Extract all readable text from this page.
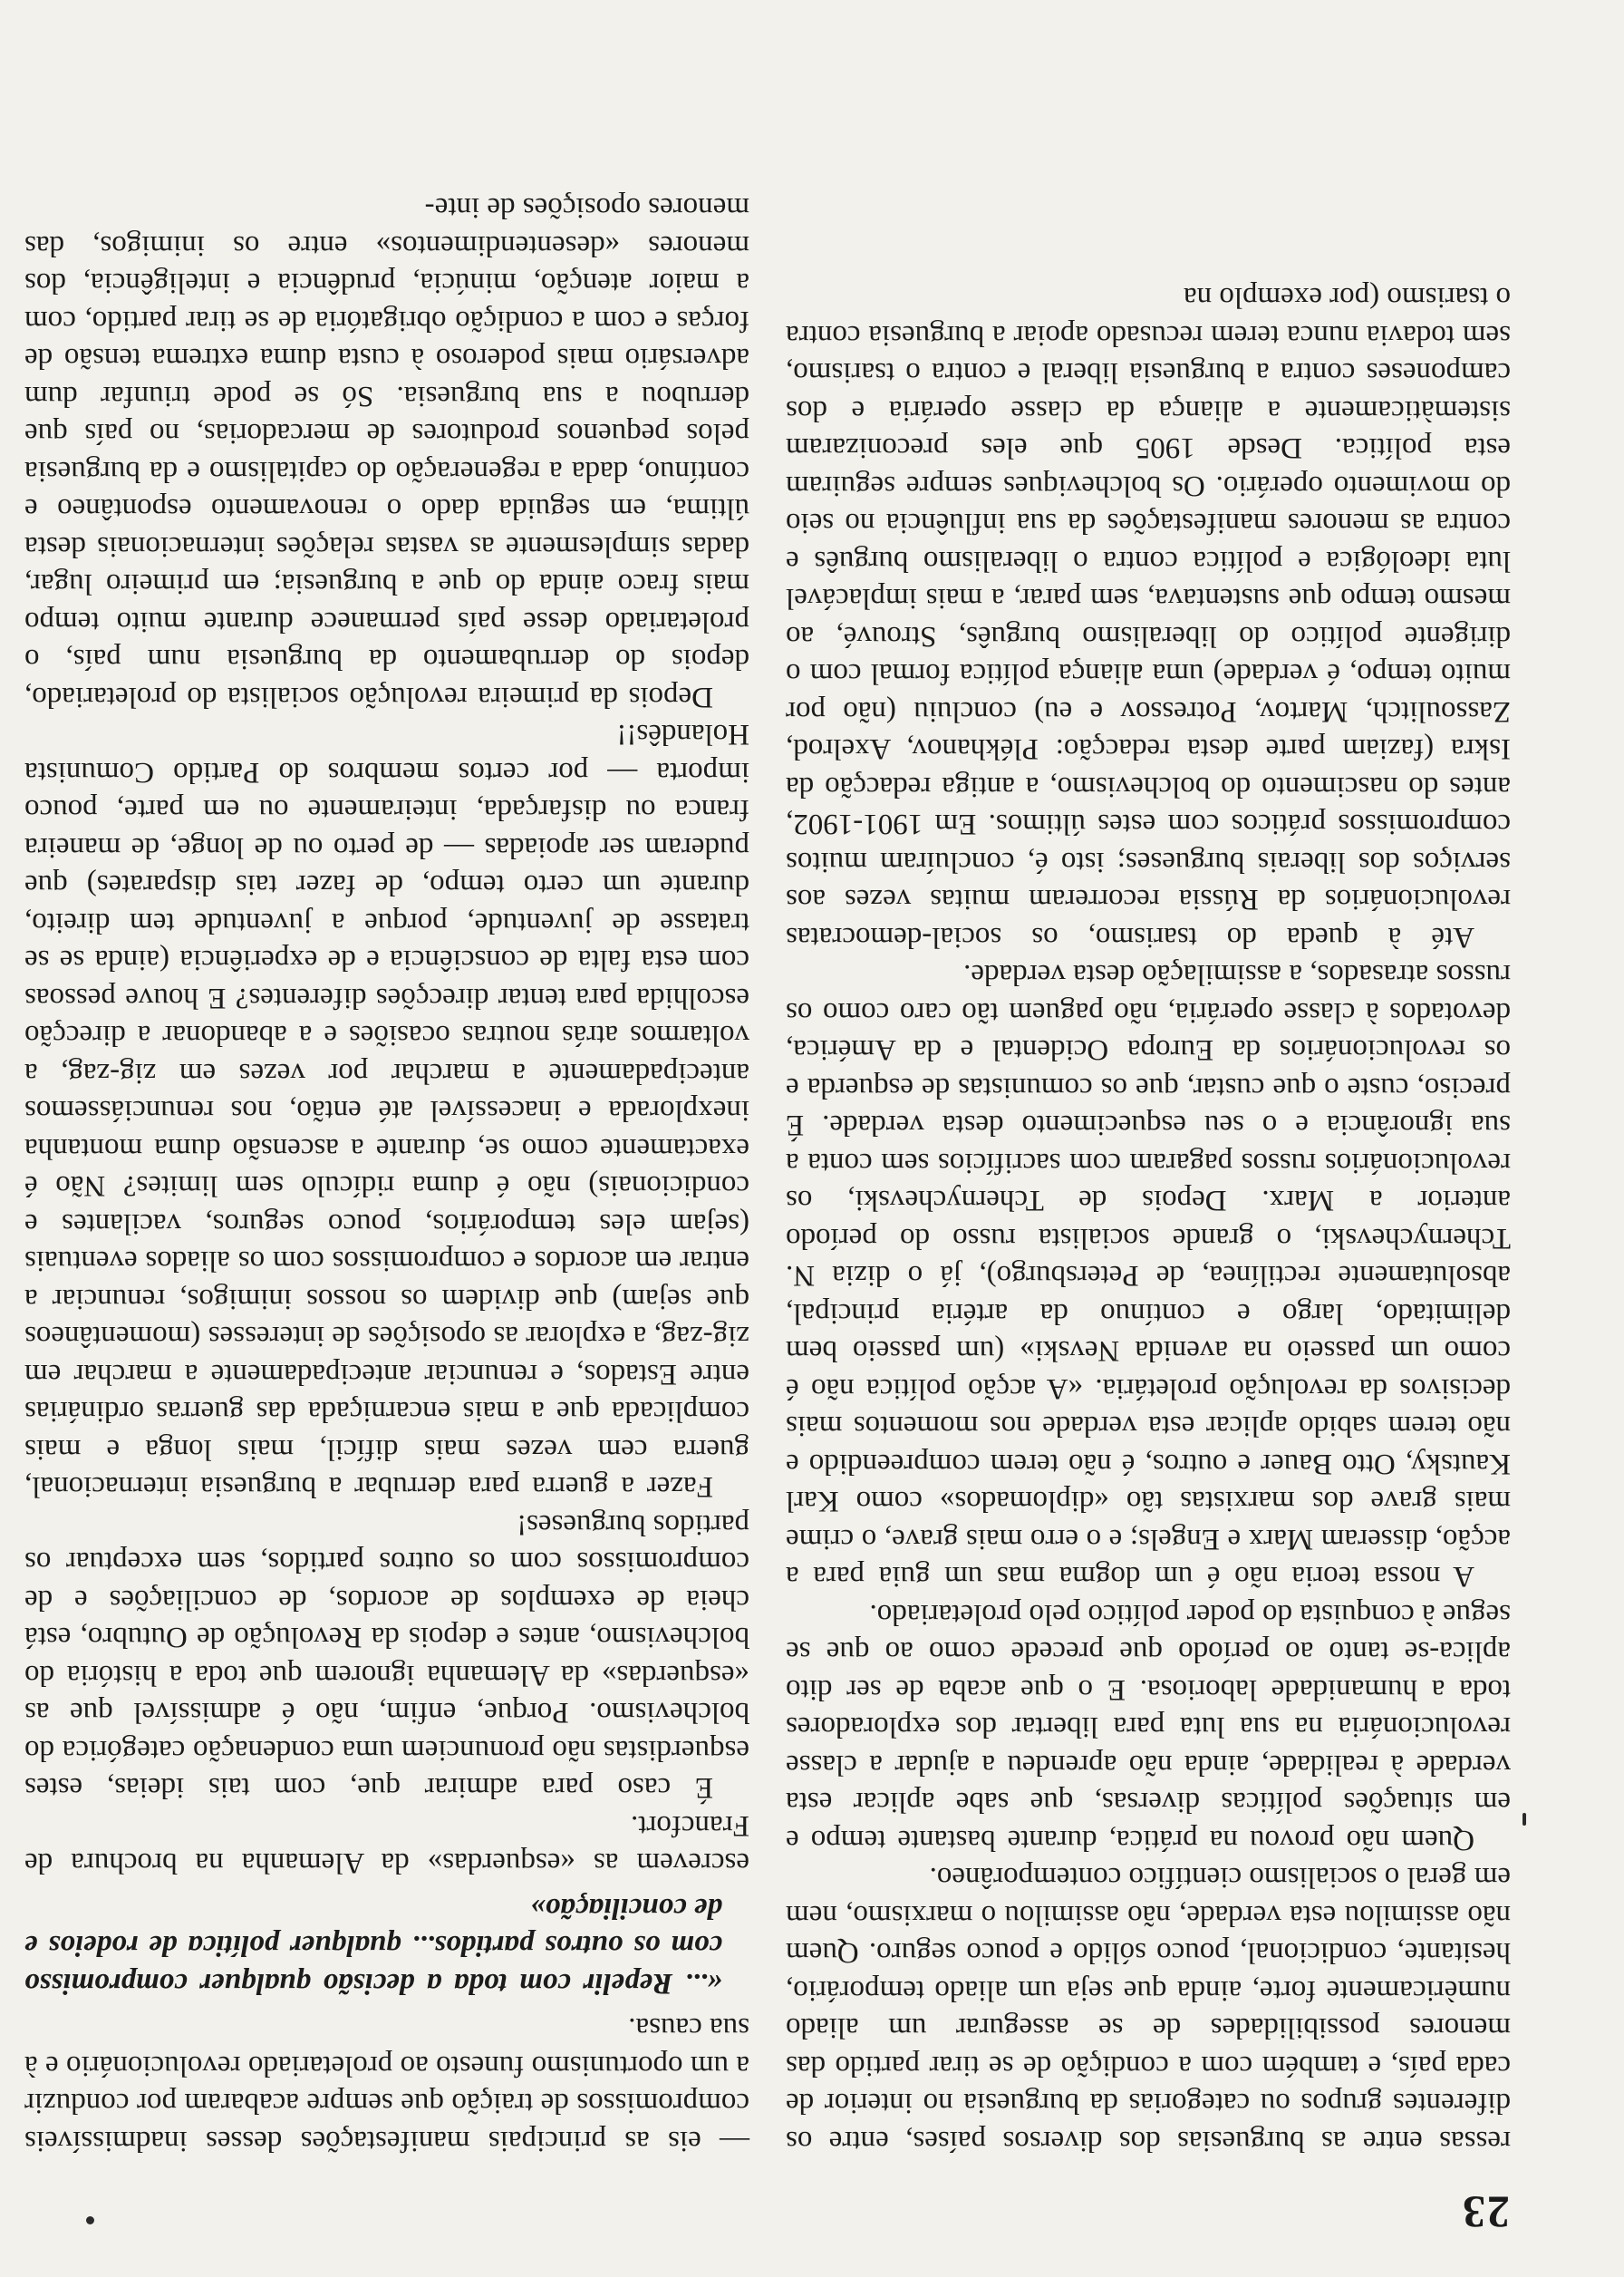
23

ressas entre as burguesias dos diversos países, entre os diferentes grupos ou categorias da burguesia no interior de cada país, e também com a condição de se tirar partido das menores possibilidades de se assegurar um aliado numèricamente forte, ainda que seja um aliado temporário, hesitante, condicional, pouco sólido e pouco seguro. Quem não assimilou esta verdade, não assimilou o marxismo, nem em geral o socialismo científico contemporâneo.

Quem não provou na prática, durante bastante tempo e em situações políticas diversas, que sabe aplicar esta verdade à realidade, ainda não aprendeu a ajudar a classe revolucionária na sua luta para libertar dos exploradores toda a humanidade laboriosa. E o que acaba de ser dito aplica-se tanto ao período que precede como ao que se segue à conquista do poder político pelo proletariado.

A nossa teoria não é um dogma mas um guia para a acção, disseram Marx e Engels; e o erro mais grave, o crime mais grave dos marxistas tão «diplomados» como Karl Kautsky, Otto Bauer e outros, é não terem compreendido e não terem sabido aplicar esta verdade nos momentos mais decisivos da revolução proletária. «A acção política não é como um passeio na avenida Nevski» (um passeio bem delimitado, largo e contínuo da artéria principal, absolutamente rectilínea, de Petersburgo), já o dizia N. Tchernychevski, o grande socialista russo do período anterior a Marx. Depois de Tchernychevski, os revolucionários russos pagaram com sacrifícios sem conta a sua ignorância e o seu esquecimento desta verdade. É preciso, custe o que custar, que os comunistas de esquerda e os revolucionários da Europa Ocidental e da América, devotados à classe operária, não paguem tão caro como os russos atrasados, a assimilação desta verdade.

Até à queda do tsarismo, os social-democratas revolucionários da Rússia recorreram muitas vezes aos serviços dos liberais burgueses; isto é, concluíram muitos compromissos práticos com estes últimos. Em 1901-1902, antes do nascimento do bolchevismo, a antiga redacção da Iskra (faziam parte desta redacção: Plékhanov, Axelrod, Zassoulitch, Martov, Potressov e eu) concluiu (não por muito tempo, é verdade) uma aliança política formal com o dirigente político do liberalismo burguês, Strouvé, ao mesmo tempo que sustentava, sem parar, a mais implacável luta ideológica e política contra o liberalismo burguês e contra as menores manifestações da sua influência no seio do movimento operário. Os bolcheviques sempre seguiram esta política. Desde 1905 que eles preconizaram sistemàticamente a aliança da classe operária e dos camponeses contra a burguesia liberal e contra o tsarismo, sem todavia nunca terem recusado apoiar a burguesia contra o tsarismo (por exemplo na

— eis as principais manifestações desses inadmissíveis compromissos de traição que sempre acabaram por conduzir a um oportunismo funesto ao proletariado revolucionário e à sua causa.

«... Repelir com toda a decisão qualquer compromisso com os outros partidos... qualquer política de rodeios e de conciliação»

escrevem as «esquerdas» da Alemanha na brochura de Francfort.

É caso para admirar que, com tais ideias, estes esquerdistas não pronunciem uma condenação categórica do bolchevismo. Porque, enfim, não é admissível que as «esquerdas» da Alemanha ignorem que toda a história do bolchevismo, antes e depois da Revolução de Outubro, está cheia de exemplos de acordos, de conciliações e de compromissos com os outros partidos, sem exceptuar os partidos burgueses!

Fazer a guerra para derrubar a burguesia internacional, guerra cem vezes mais difícil, mais longa e mais complicada que a mais encarniçada das guerras ordinárias entre Estados, e renunciar antecipadamente a marchar em zig-zag, a explorar as oposições de interesses (momentâneos que sejam) que dividem os nossos inimigos, renunciar a entrar em acordos e compromissos com os aliados eventuais (sejam eles temporários, pouco seguros, vacilantes e condicionais) não é duma ridículo sem limites? Não é exactamente como se, durante a ascensão duma montanha inexplorada e inacessível até então, nos renunciássemos antecipadamente a marchar por vezes em zig-zag, a voltarmos atrás noutras ocasiões e a abandonar a direcção escolhida para tentar direcções diferentes? E houve pessoas com esta falta de consciência e de experiência (ainda se se tratasse de juventude, porque a juventude tem direito, durante um certo tempo, de fazer tais disparates) que puderam ser apoiadas — de perto ou de longe, de maneira franca ou disfarçada, inteiramente ou em parte, pouco importa — por certos membros do Partido Comunista Holandês!!

Depois da primeira revolução socialista do proletariado, depois do derrubamento da burguesia num país, o proletariado desse país permanece durante muito tempo mais fraco ainda do que a burguesia; em primeiro lugar, dadas simplesmente as vastas relações internacionais desta última, em seguida dado o renovamento espontâneo e contínuo, dada a regeneração do capitalismo e da burguesia pelos pequenos produtores de mercadorias, no país que derrubou a sua burguesia. Só se pode triunfar dum adversário mais poderoso à custa duma extrema tensão de forças e com a condição obrigatória de se tirar partido, com a maior atenção, minúcia, prudência e inteligência, dos menores «desentendimentos» entre os inimigos, das menores oposições de inte-
